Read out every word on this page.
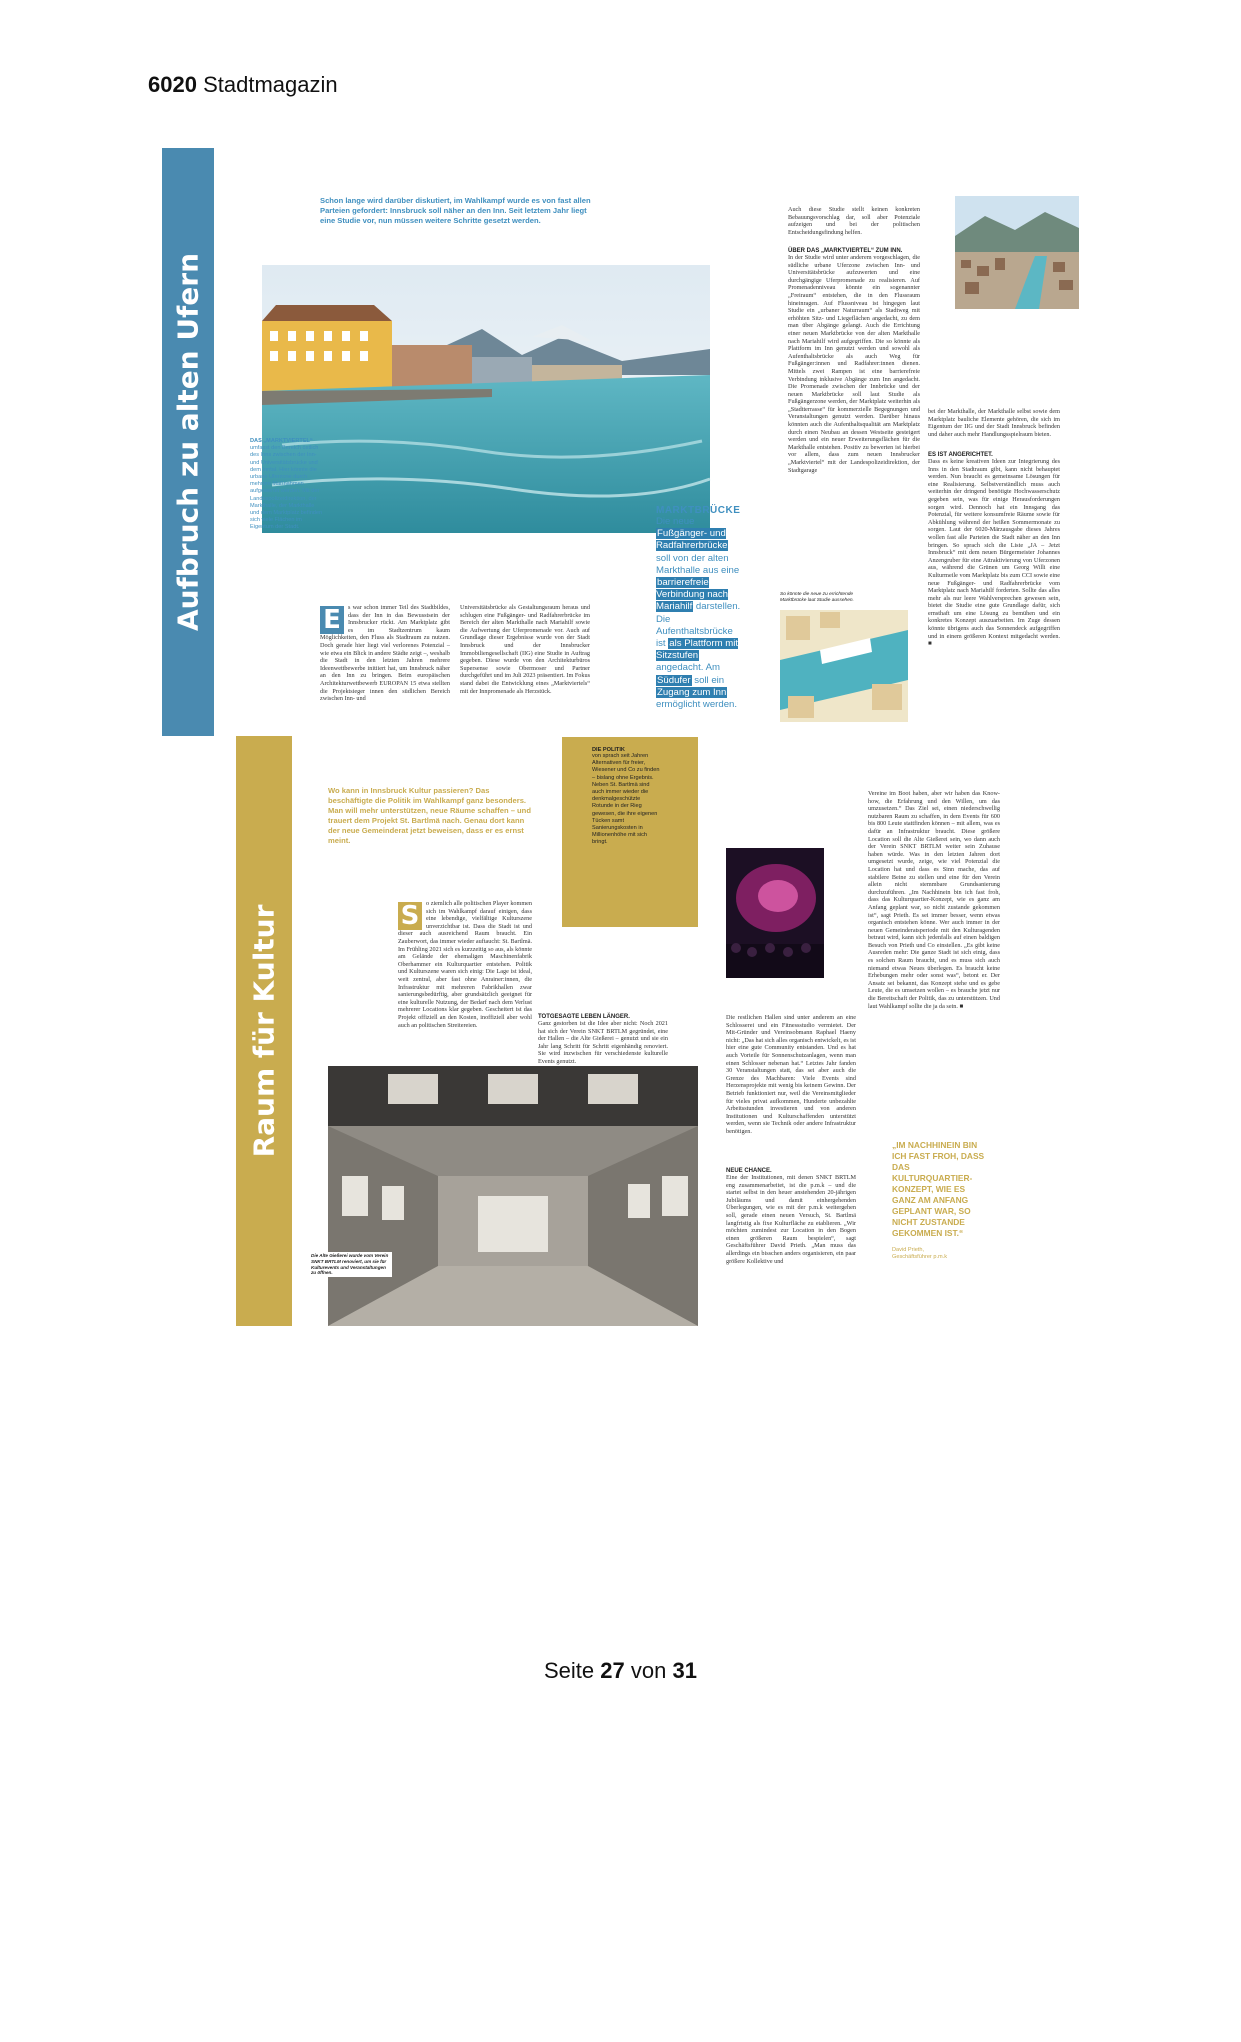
6020 Stadtmagazin
Aufbruch zu alten Ufern
Text | Markus Wechtler
Schon lange wird darüber diskutiert, im Wahlkampf wurde es von fast allen Parteien gefordert: Innsbruck soll näher an den Inn. Seit letztem Jahr liegt eine Studie vor, nun müssen weitere Schritte gesetzt werden.
DAS „MARKTVIERTEL“
umfasst den Bereich östlich des Inns zwischen der Inn- und Universitätsbrücke und dem Inntal. Hier könnte die urbane Uferzone durch mehrere Maßnahmen aufgewertet werden. Mit der Landespolizeidirektion, der Markthalle, der Markthalle und dem Marktplatz befinden sich viele Flächen im Eigentum der Stadt.
E	s war schon immer Teil des Stadtbildes, dass der Inn in das Bewusstsein der Innsbrucker rückt. Am Marktplatz gibt es im Stadtzentrum kaum Möglichkeiten, den Fluss als Stadtraum zu nutzen. Doch gerade hier liegt viel verlorenes Potenzial – wie etwa ein Blick in andere Städte zeigt –, weshalb die Stadt in den letzten Jahren mehrere Ideenwettbewerbe initiiert hat, um Innsbruck näher an den Inn zu bringen. Beim europäischen Architekturwettbewerb EUROPAN 15 etwa stellten die Projektsieger innen den südlichen Bereich zwischen Inn- und
Universitätsbrücke als Gestaltungsraum heraus und schlugen eine Fußgänger- und Radfahrerbrücke im Bereich der alten Markthalle nach Mariahilf sowie die Aufwertung der Uferpromenade vor. Auch auf Grundlage dieser Ergebnisse wurde von der Stadt Innsbruck und der Innsbrucker Immobiliengesellschaft (IIG) eine Studie in Auftrag gegeben. Diese wurde von den Architekturbüros Supersense sowie Obermoser und Partner durchgeführt und im Juli 2023 präsentiert. Im Fokus stand dabei die Entwicklung eines „Marktviertels“ mit der Innpromenade als Herzstück.
MARKTBRÜCKE
Die neue Fußgänger- und Radfahrerbrücke soll von der alten Markthalle aus eine barrierefreie Verbindung nach Mariahilf darstellen. Die Aufenthaltsbrücke ist als Plattform mit Sitzstufen angedacht. Am Südufer soll ein Zugang zum Inn ermöglicht werden.
Auch diese Studie stellt keinen konkreten Bebauungsvorschlag dar, soll aber Potenziale aufzeigen und bei der politischen Entscheidungsfindung helfen.
ÜBER DAS „MARKTVIERTEL“ ZUM INN.
In der Studie wird unter anderem vorgeschlagen, die südliche urbane Uferzone zwischen Inn- und Universitätsbrücke aufzuwerten und eine durchgängige Uferpromenade zu realisieren. Auf Promenadenniveau könnte ein sogenannter „Freiraum“ entstehen, die in den Flussraum hineinragen. Auf Flussniveau ist hingegen laut Studie ein „urbaner Naturraum“ als Stadtweg mit erhöhten Sitz- und Liegeflächen angedacht, zu dem man über Abgänge gelangt. Auch die Errichtung einer neuen Marktbrücke von der alten Markthalle nach Mariahilf wird aufgegriffen. Die so könnte als Plattform im Inn genutzt werden und sowohl als Aufenthaltsbrücke als auch Weg für Fußgänger:innen und Radfahrer:innen dienen. Mittels zwei Rampen ist eine barrierefreie Verbindung inklusive Abgänge zum Inn angedacht. Die Promenade zwischen der Innbrücke und der neuen Marktbrücke soll laut Studie als Fußgängerzone werden, der Marktplatz weiterhin als „Stadtterrasse“ für kommerzielle Begegnungen und Veranstaltungen genutzt werden. Darüber hinaus könnten auch die Aufenthaltsqualität am Marktplatz durch einen Neubau an dessen Westseite gesteigert werden und ein neuer Erweiterungsflächen für die Markthalle entstehen. Positiv zu bewerten ist hierbei vor allem, dass zum neuen Innsbrucker „Marktviertel“ mit der Landespolizeidirektion, der Stadtgarage
bei der Markthalle, der Markthalle selbst sowie dem Marktplatz bauliche Elemente gehören, die sich im Eigentum der IIG und der Stadt Innsbruck befinden und daher auch mehr Handlungsspielraum bieten.
ES IST ANGERICHTET.
Dass es keine kreativen Ideen zur Integrierung des Inns in den Stadtraum gibt, kann nicht behauptet werden. Nun braucht es gemeinsame Lösungen für eine Realisierung. Selbstverständlich muss auch weiterhin der dringend benötigte Hochwasserschutz gegeben sein, was für einige Herausforderungen sorgen wird. Dennoch hat ein Innsgang das Potenzial, für weitere konsumfreie Räume sowie für Abkühlung während der heißen Sommermonate zu sorgen. Laut der 6020-Märzausgabe dieses Jahres wollen fast alle Parteien die Stadt näher an den Inn bringen. So sprach sich die Liste „JA – Jetzt Innsbruck“ mit dem neuen Bürgermeister Johannes Anzengruber für eine Attraktivierung von Uferzonen aus, während die Grünen um Georg Willi eine Kulturmeile vom Marktplatz bis zum CCI sowie eine neue Fußgänger- und Radfahrerbrücke vom Marktplatz nach Mariahilf forderten. Sollte das alles mehr als nur leere Wahlversprechen gewesen sein, bietet die Studie eine gute Grundlage dafür, sich ernsthaft um eine Lösung zu bemühen und ein konkretes Konzept auszuarbeiten. Im Zuge dessen könnte übrigens auch das Sonnendeck aufgegriffen und in einem größeren Kontext mitgedacht werden. ■
So könnte die neue zu errichtende Marktbrücke laut Studie aussehen.
Raum für Kultur
Text | Lisa Schwarzenauer
Wo kann in Innsbruck Kultur passieren? Das beschäftigte die Politik im Wahlkampf ganz besonders. Man will mehr unterstützen, neue Räume schaffen – und trauert dem Projekt St. Bartlmä nach. Genau dort kann der neue Gemeinderat jetzt beweisen, dass er es ernst meint.
DIE POLITIK
von sprach seit Jahren Alternativen für freier, Wiesener und Co zu finden – bislang ohne Ergebnis. Neben St. Bartlmä sind auch immer wieder die denkmalgeschützte Rotunde in der Rieg gewesen, die ihre eigenen Tücken samt Sanierungskosten in Millionenhöhe mit sich bringt.
S	o ziemlich alle politischen Player kommen sich im Wahlkampf darauf einigen, dass eine lebendige, vielfältige Kulturszene unverzichtbar ist. Dass die Stadt ist und dieser auch ausreichend Raum braucht. Ein Zauberwort, das immer wieder auftaucht: St. Bartlmä. Im Frühling 2021 sich es kurzzeitig so aus, als könnte am Gelände der ehemaligen Maschinenfabrik Oberhammer ein Kulturquartier entstehen. Politik und Kulturszene waren sich einig: Die Lage ist ideal, weit zentral, aber fast ohne Anrainer:innen, die Infrastruktur mit mehreren Fabrikhallen zwar sanierungsbedürftig, aber grundsätzlich geeignet für eine kulturelle Nutzung, der Bedarf nach dem Verlust mehrerer Locations klar gegeben. Gescheitert ist das Projekt offiziell an den Kosten, inoffiziell aber wohl auch an politischen Streitereien.
TOTGESAGTE LEBEN LÄNGER.
Ganz gestorben ist die Idee aber nicht: Noch 2021 hat sich der Verein SNKT BRTLM gegründet, eine der Hallen – die Alte Gießerei – genutzt und sie ein Jahr lang Schritt für Schritt eigenhändig renoviert. Sie wird inzwischen für verschiedenste kulturelle Events genutzt.
Die Alte Gießerei wurde vom Verein SNKT BRTLM renoviert, um sie für Kulturevents und Veranstaltungen zu öffnen.
Die restlichen Hallen sind unter anderem an eine Schlosserei und ein Fitnessstudio vermietet. Der Mit-Gründer und Vereinsobmann Raphael Haeny nicht: „Das hat sich alles organisch entwickelt, es ist hier eine gute Community entstanden. Und es hat auch Vorteile für Sonnenschutzanlagen, wenn man einen Schlosser nebenan hat.“ Letztes Jahr fanden 30 Veranstaltungen statt, das sei aber auch die Grenze des Machbaren: Viele Events sind Herzensprojekte mit wenig bis keinem Gewinn. Der Betrieb funktioniert nur, weil die Vereinsmitglieder für vieles privat aufkommen, Hunderte unbezahlte Arbeitsstunden investieren und von anderen Institutionen und Kulturschaffenden unterstützt werden, wenn sie Technik oder andere Infrastruktur benötigen.
NEUE CHANCE.
Eine der Institutionen, mit denen SNKT BRTLM eng zusammenarbeitet, ist die p.m.k – und die startet selbst in den heuer anstehenden 20-jährigen Jubiläums und damit einhergehenden Überlegungen, wie es mit der p.m.k weitergehen soll, gerade einen neuen Versuch, St. Bartlmä langfristig als fixe Kulturfläche zu etablieren. „Wir möchten zumindest zur Location in den Bogen einen größeren Raum bespielen“, sagt Geschäftsführer David Prieth. „Man muss das allerdings ein bisschen anders organisieren, ein paar größere Kollektive und
Vereine im Boot haben, aber wir haben das Know-how, die Erfahrung und den Willen, um das umzusetzen.“ Das Ziel sei, einen niederschwellig nutzbaren Raum zu schaffen, in dem Events für 600 bis 800 Leute stattfinden können – mit allem, was es dafür an Infrastruktur braucht. Diese größere Location soll die Alte Gießerei sein, wo dann auch der Verein SNKT BRTLM weiter sein Zuhause haben würde. Was in den letzten Jahren dort umgesetzt wurde, zeige, wie viel Potenzial die Location hat und dass es Sinn mache, das auf stabilere Beine zu stellen und eine für den Verein allein nicht stemmbare Grundsanierung durchzuführen. „Im Nachhinein bin ich fast froh, dass das Kulturquartier-Konzept, wie es ganz am Anfang geplant war, so nicht zustande gekommen ist“, sagt Prieth. Es sei immer besser, wenn etwas organisch entstehen könne. Wer auch immer in der neuen Gemeinderatsperiode mit den Kulturagenden betraut wird, kann sich jedenfalls auf einen baldigen Besuch von Prieth und Co einstellen. „Es gibt keine Ausreden mehr: Die ganze Stadt ist sich einig, dass es solchen Raum braucht, und es muss sich auch niemand etwas Neues überlegen. Es braucht keine Erhebungen mehr oder sonst was“, betont er. Der Ansatz sei bekannt, das Konzept stehe und es gebe Leute, die es umsetzen wollen – es brauche jetzt nur die Bereitschaft der Politik, das zu unterstützen. Und laut Wahlkampf sollte die ja da sein. ■
„IM NACHHINEIN BIN ICH FAST FROH, DASS DAS KULTURQUARTIER-KONZEPT, WIE ES GANZ AM ANFANG GEPLANT WAR, SO NICHT ZUSTANDE GEKOMMEN IST.“
David Prieth,
Geschäftsführer p.m.k
Seite 27 von 31
